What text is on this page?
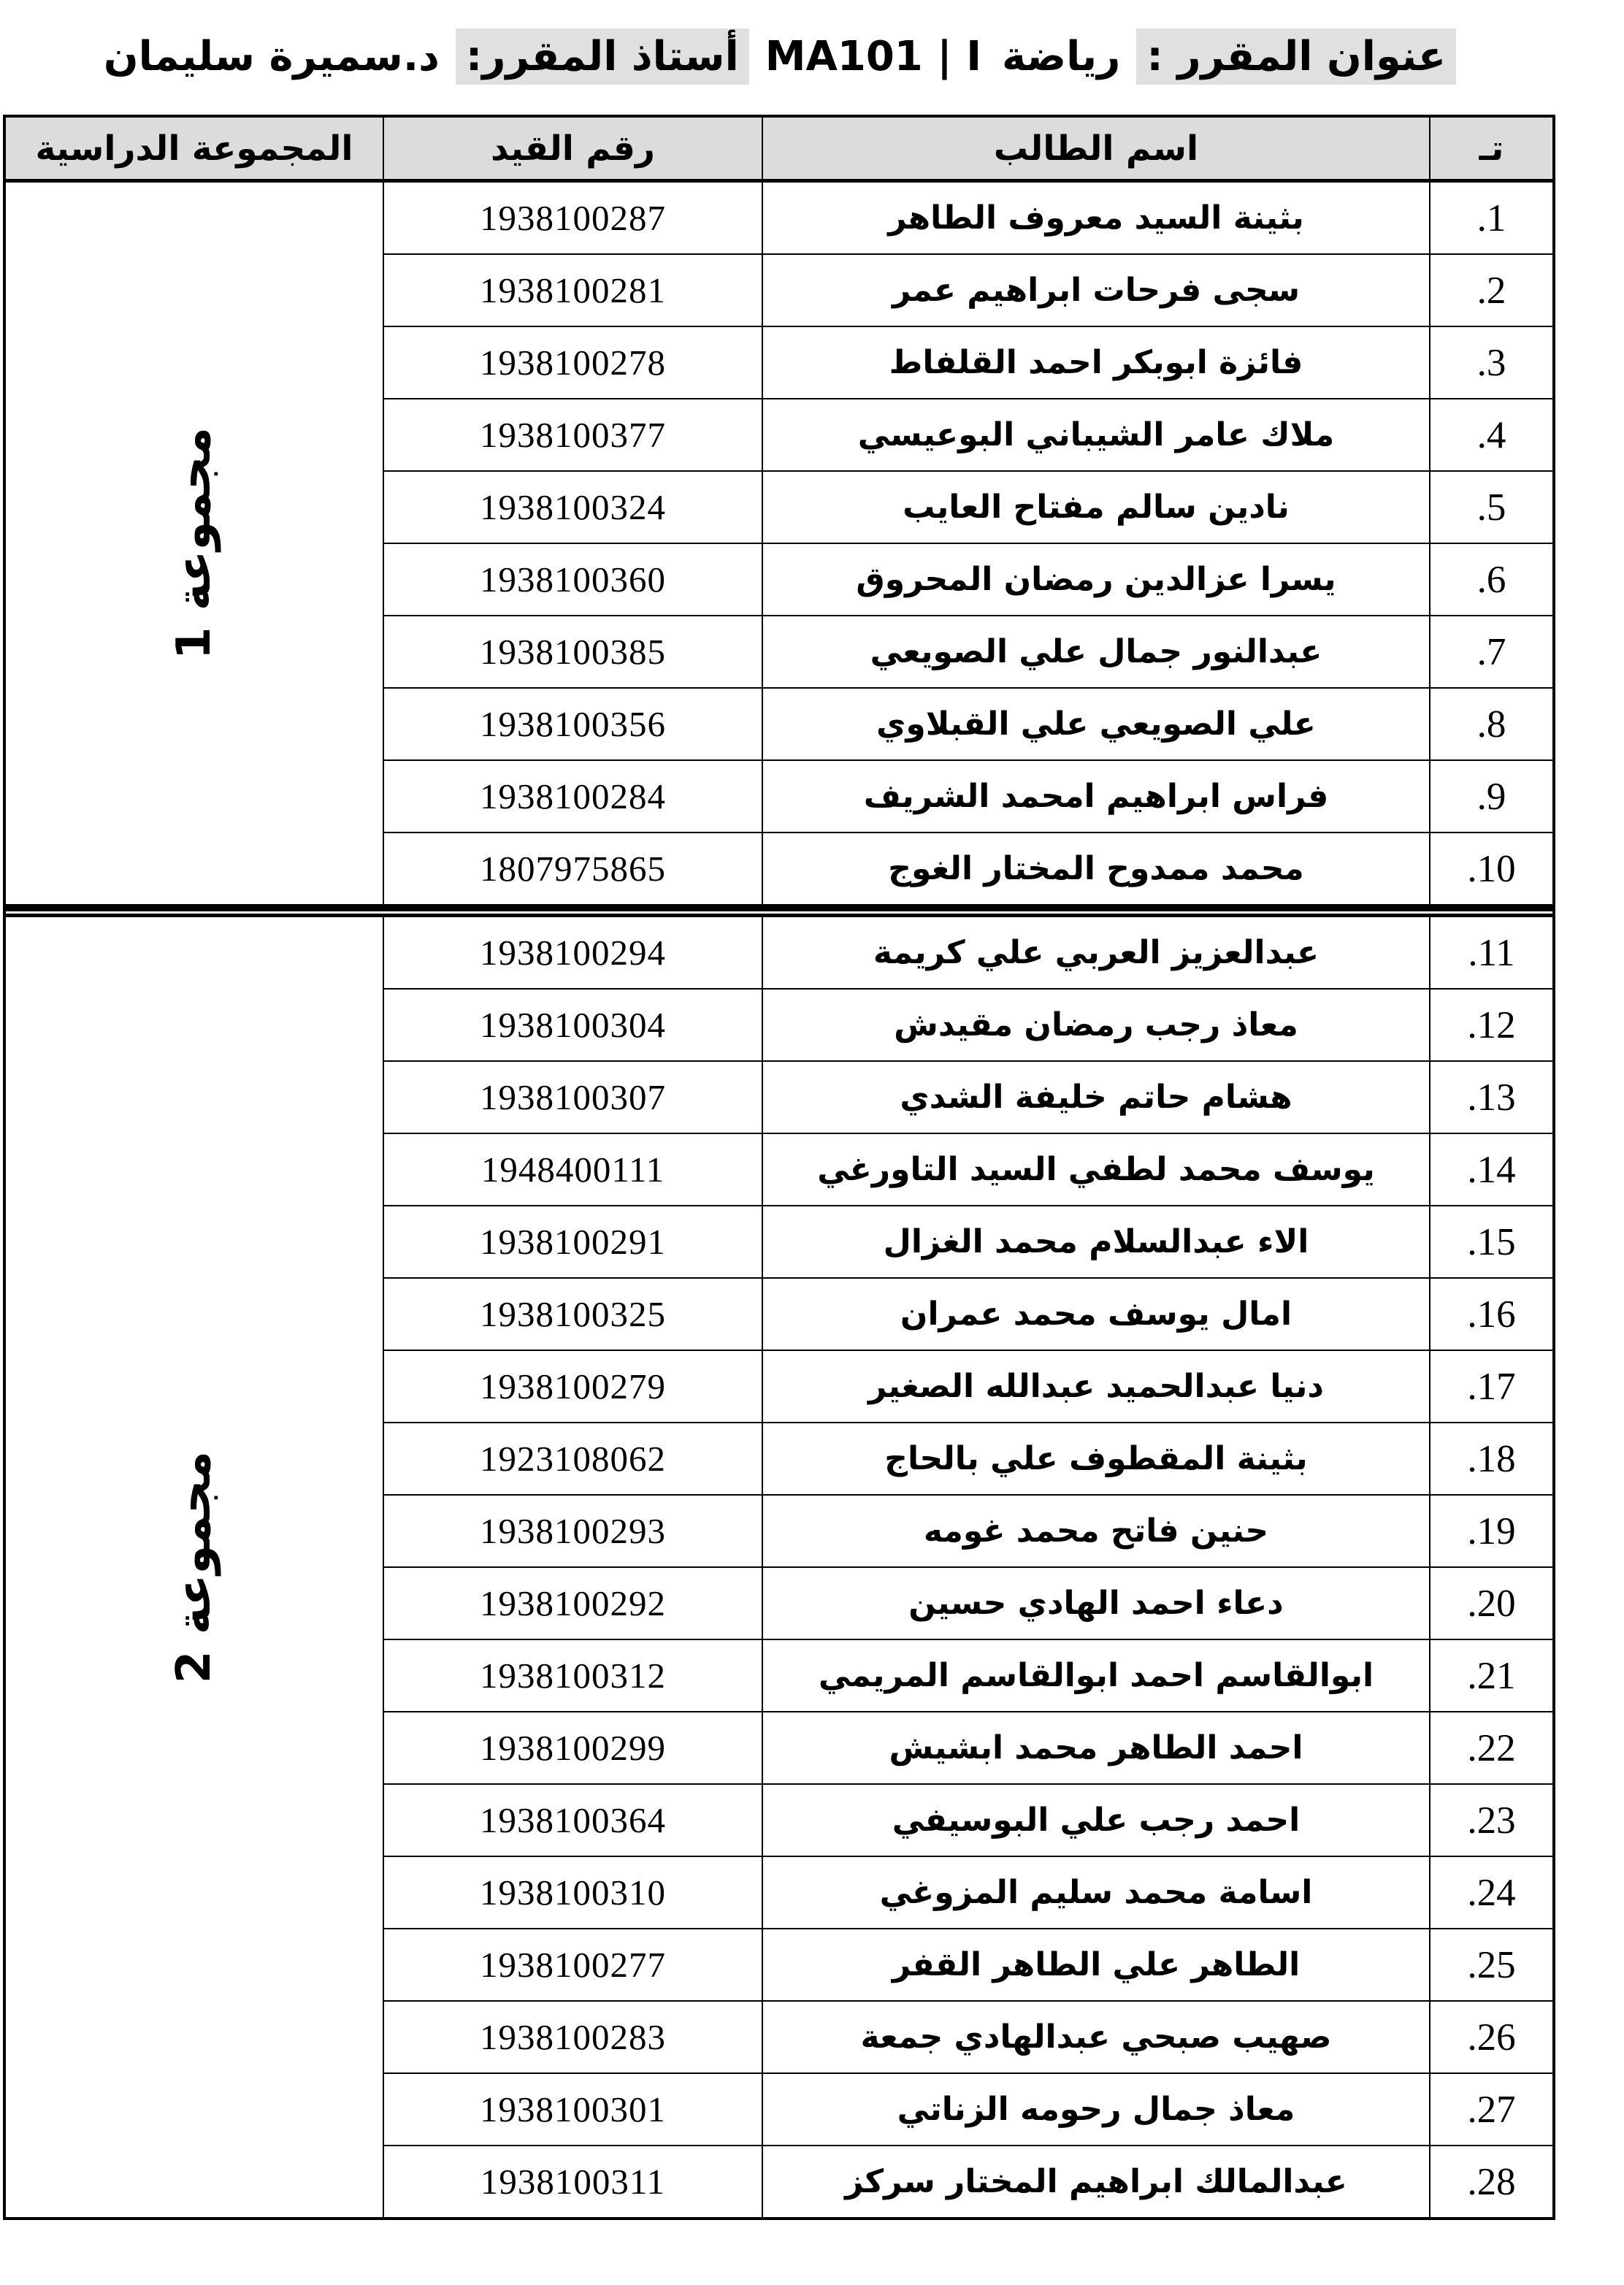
عنوان المقرر :
رياضة
MA101 | I
أستاذ المقرر:
د.سميرة سليمان
تـ	اسم الطالب	رقم القيد	المجموعة الدراسية
1.	بثينة السيد معروف الطاهر	1938100287	مجموعة 1

2.	سجى فرحات ابراهيم عمر	1938100281	
3.	فائزة ابوبكر احمد القلفاط	1938100278	
4.	ملاك عامر الشيباني البوعيسي	1938100377	
5.	نادين سالم مفتاح العايب	1938100324	
6.	يسرا عزالدين رمضان المحروق	1938100360	
7.	عبدالنور جمال علي الصويعي	1938100385	
8.	علي الصويعي علي القبلاوي	1938100356	
9.	فراس ابراهيم امحمد الشريف	1938100284	
10.	محمد ممدوح المختار الغوج	1807975865	

11.	عبدالعزيز العربي علي كريمة	1938100294	مجموعة 2

12.	معاذ رجب رمضان مقيدش	1938100304	
13.	هشام حاتم خليفة الشدي	1938100307	
14.	يوسف محمد لطفي السيد التاورغي	1948400111	
15.	الاء عبدالسلام محمد الغزال	1938100291	
16.	امال يوسف محمد عمران	1938100325	
17.	دنيا عبدالحميد عبدالله الصغير	1938100279	
18.	بثينة المقطوف علي بالحاج	1923108062	
19.	حنين فاتح محمد غومه	1938100293	
20.	دعاء احمد الهادي حسين	1938100292	
21.	ابوالقاسم احمد ابوالقاسم المريمي	1938100312	
22.	احمد الطاهر محمد ابشيش	1938100299	
23.	احمد رجب علي البوسيفي	1938100364	
24.	اسامة محمد سليم المزوغي	1938100310	
25.	الطاهر علي الطاهر القفر	1938100277	
26.	صهيب صبحي عبدالهادي جمعة	1938100283	
27.	معاذ جمال رحومه الزناتي	1938100301	
28.	عبدالمالك ابراهيم المختار سركز	1938100311	
